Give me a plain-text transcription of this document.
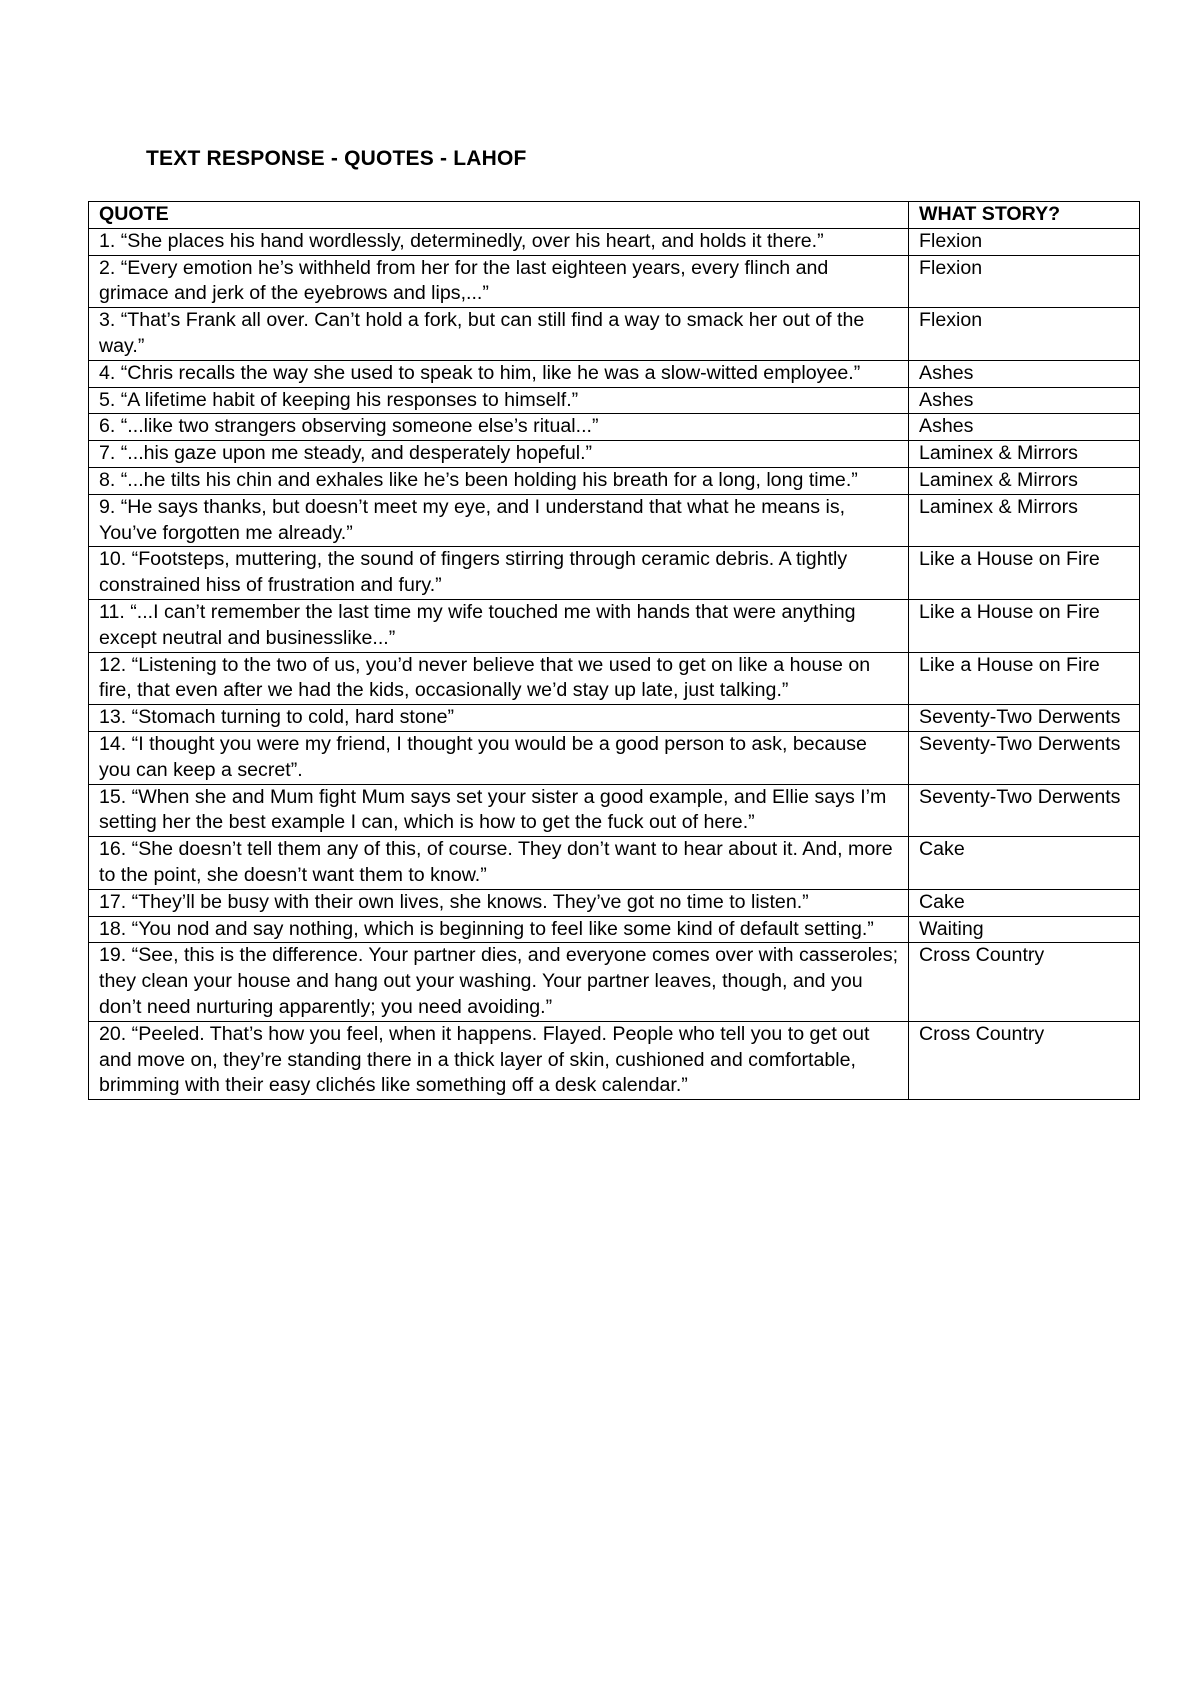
TEXT RESPONSE - QUOTES - LAHOF
QUOTE	WHAT STORY?
1. “She places his hand wordlessly, determinedly, over his heart, and holds it there.”	Flexion
2. “Every emotion he’s withheld from her for the last eighteen years, every flinch and grimace and jerk of the eyebrows and lips,...”	Flexion
3. “That’s Frank all over. Can’t hold a fork, but can still find a way to smack her out of the way.”	Flexion
4. “Chris recalls the way she used to speak to him, like he was a slow-witted employee.”	Ashes
5. “A lifetime habit of keeping his responses to himself.”	Ashes
6. “...like two strangers observing someone else’s ritual...”	Ashes
7. “...his gaze upon me steady, and desperately hopeful.”	Laminex & Mirrors
8. “...he tilts his chin and exhales like he’s been holding his breath for a long, long time.”	Laminex & Mirrors
9. “He says thanks, but doesn’t meet my eye, and I understand that what he means is, You’ve forgotten me already.”	Laminex & Mirrors
10. “Footsteps, muttering, the sound of fingers stirring through ceramic debris. A tightly constrained hiss of frustration and fury.”	Like a House on Fire
11. “...I can’t remember the last time my wife touched me with hands that were anything except neutral and businesslike...”	Like a House on Fire
12. “Listening to the two of us, you’d never believe that we used to get on like a house on fire, that even after we had the kids, occasionally we’d stay up late, just talking.”	Like a House on Fire
13. “Stomach turning to cold, hard stone”	Seventy-Two Derwents
14. “I thought you were my friend, I thought you would be a good person to ask, because you can keep a secret”.	Seventy-Two Derwents
15. “When she and Mum fight Mum says set your sister a good example, and Ellie says I’m setting her the best example I can, which is how to get the fuck out of here.”	Seventy-Two Derwents
16. “She doesn’t tell them any of this, of course. They don’t want to hear about it. And, more to the point, she doesn’t want them to know.”	Cake
17. “They’ll be busy with their own lives, she knows. They’ve got no time to listen.”	Cake
18. “You nod and say nothing, which is beginning to feel like some kind of default setting.”	Waiting
19. “See, this is the difference. Your partner dies, and everyone comes over with casseroles; they clean your house and hang out your washing. Your partner leaves, though, and you don’t need nurturing apparently; you need avoiding.”	Cross Country
20. “Peeled. That’s how you feel, when it happens. Flayed. People who tell you to get out and move on, they’re standing there in a thick layer of skin, cushioned and comfortable, brimming with their easy clichés like something off a desk calendar.”	Cross Country
